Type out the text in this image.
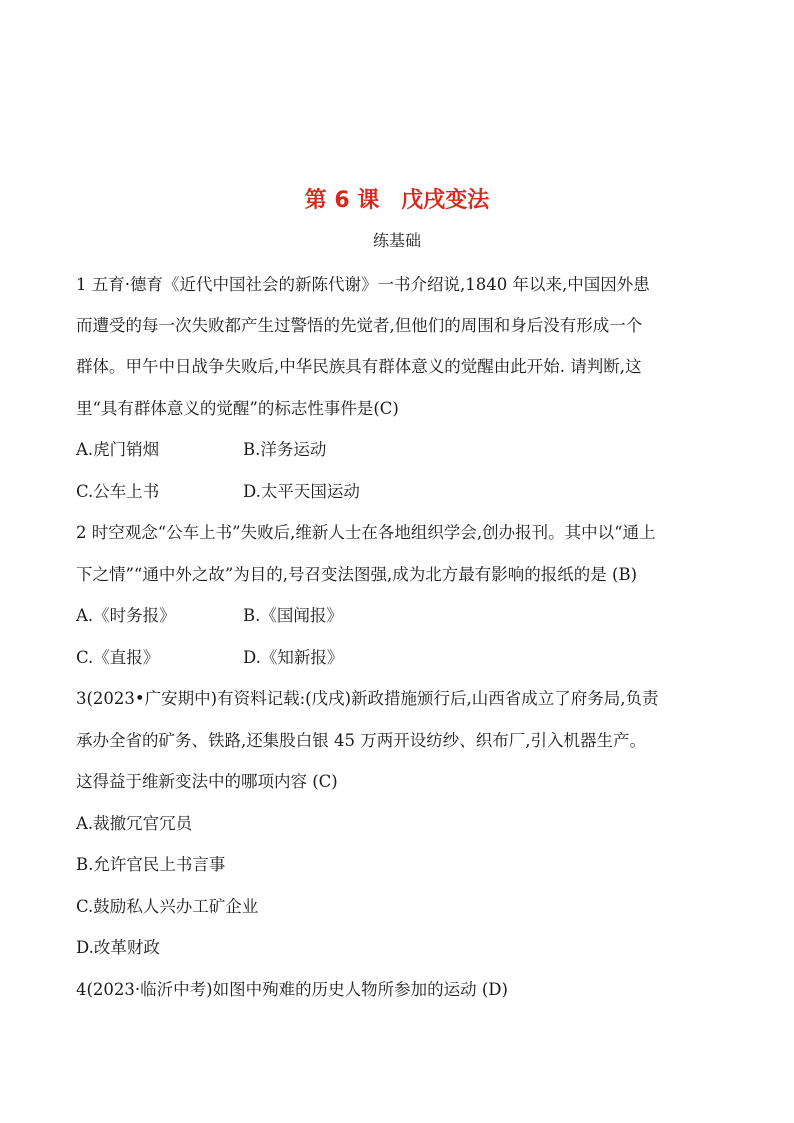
第 6 课　戊戌变法
练基础
1 五育·德育《近代中国社会的新陈代谢》一书介绍说,1840 年以来,中国因外患
而遭受的每一次失败都产生过警悟的先觉者,但他们的周围和身后没有形成一个
群体。甲午中日战争失败后,中华民族具有群体意义的觉醒由此开始. 请判断,这
里“具有群体意义的觉醒”的标志性事件是(C)
A.虎门销烟	B.洋务运动
C.公车上书	D.太平天国运动
2 时空观念“公车上书”失败后,维新人士在各地组织学会,创办报刊。其中以“通上
下之情”“通中外之故”为目的,号召变法图强,成为北方最有影响的报纸的是 (B)
A.《时务报》	B.《国闻报》
C.《直报》	D.《知新报》
3(2023•广安期中)有资料记载:(戊戌)新政措施颁行后,山西省成立了府务局,负责
承办全省的矿务、铁路,还集股白银 45 万两开设纺纱、织布厂,引入机器生产。
这得益于维新变法中的哪项内容 (C)
A.裁撤冗官冗员
B.允许官民上书言事
C.鼓励私人兴办工矿企业
D.改革财政
4(2023·临沂中考)如图中殉难的历史人物所参加的运动 (D)
